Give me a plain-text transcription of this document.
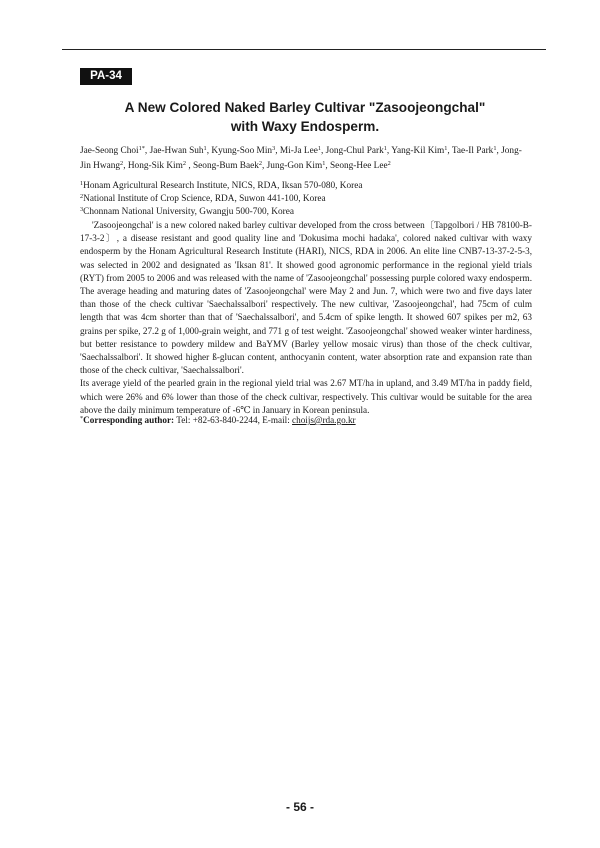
PA-34
A New Colored Naked Barley Cultivar "Zasoojeongchal"
with Waxy Endosperm.
Jae-Seong Choi$^{1*}$, Jae-Hwan Suh$^1$, Kyung-Soo Min$^3$, Mi-Ja Lee$^1$, Jong-Chul Park$^1$, Yang-Kil Kim$^1$, Tae-Il Park$^1$, Jong-Jin Hwang$^2$, Hong-Sik Kim$^2$ , Seong-Bum Baek$^2$, Jung-Gon Kim$^1$, Seong-Hee Lee$^2$
$^1$Honam Agricultural Research Institute, NICS, RDA, Iksan 570-080, Korea
$^2$National Institute of Crop Science, RDA, Suwon 441-100, Korea
$^3$Chonnam National University, Gwangju 500-700, Korea

'Zasoojeongchal' is a new colored naked barley cultivar developed from the cross between〔Tapgolbori / HB 78100-B-17-3-2〕, a disease resistant and good quality line and 'Dokusima mochi hadaka', colored naked cultivar with waxy endosperm by the Honam Agricultural Research Institute (HARI), NICS, RDA in 2006. An elite line CNB7-13-37-2-5-3, was selected in 2002 and designated as 'Iksan 81'. It showed good agronomic performance in the regional yield trials (RYT) from 2005 to 2006 and was released with the name of 'Zasoojeongchal' possessing purple colored waxy endosperm. The average heading and maturing dates of 'Zasoojeongchal' were May 2 and Jun. 7, which were two and five days later than those of the check cultivar 'Saechalssalbori' respectively. The new cultivar, 'Zasoojeongchal', had 75cm of culm length that was 4cm shorter than that of 'Saechalssalbori', and 5.4cm of spike length. It showed 607 spikes per m2, 63 grains per spike, 27.2 g of 1,000-grain weight, and 771 g of test weight. 'Zasoojeongchal' showed weaker winter hardiness, but better resistance to powdery mildew and BaYMV (Barley yellow mosaic virus) than those of the check cultivar, 'Saechalssalbori'. It showed higher ß-glucan content, anthocyanin content, water absorption rate and expansion rate than those of the check cultivar, 'Saechalssalbori'.

Its average yield of the pearled grain in the regional yield trial was 2.67 MT/ha in upland, and 3.49 MT/ha in paddy field, which were 26% and 6% lower than those of the check cultivar, respectively. This cultivar would be suitable for the area above the daily minimum temperature of -6℃ in January in Korean peninsula.

*Corresponding author: Tel: +82-63-840-2244, E-mail: choijs@rda.go.kr
- 56 -
